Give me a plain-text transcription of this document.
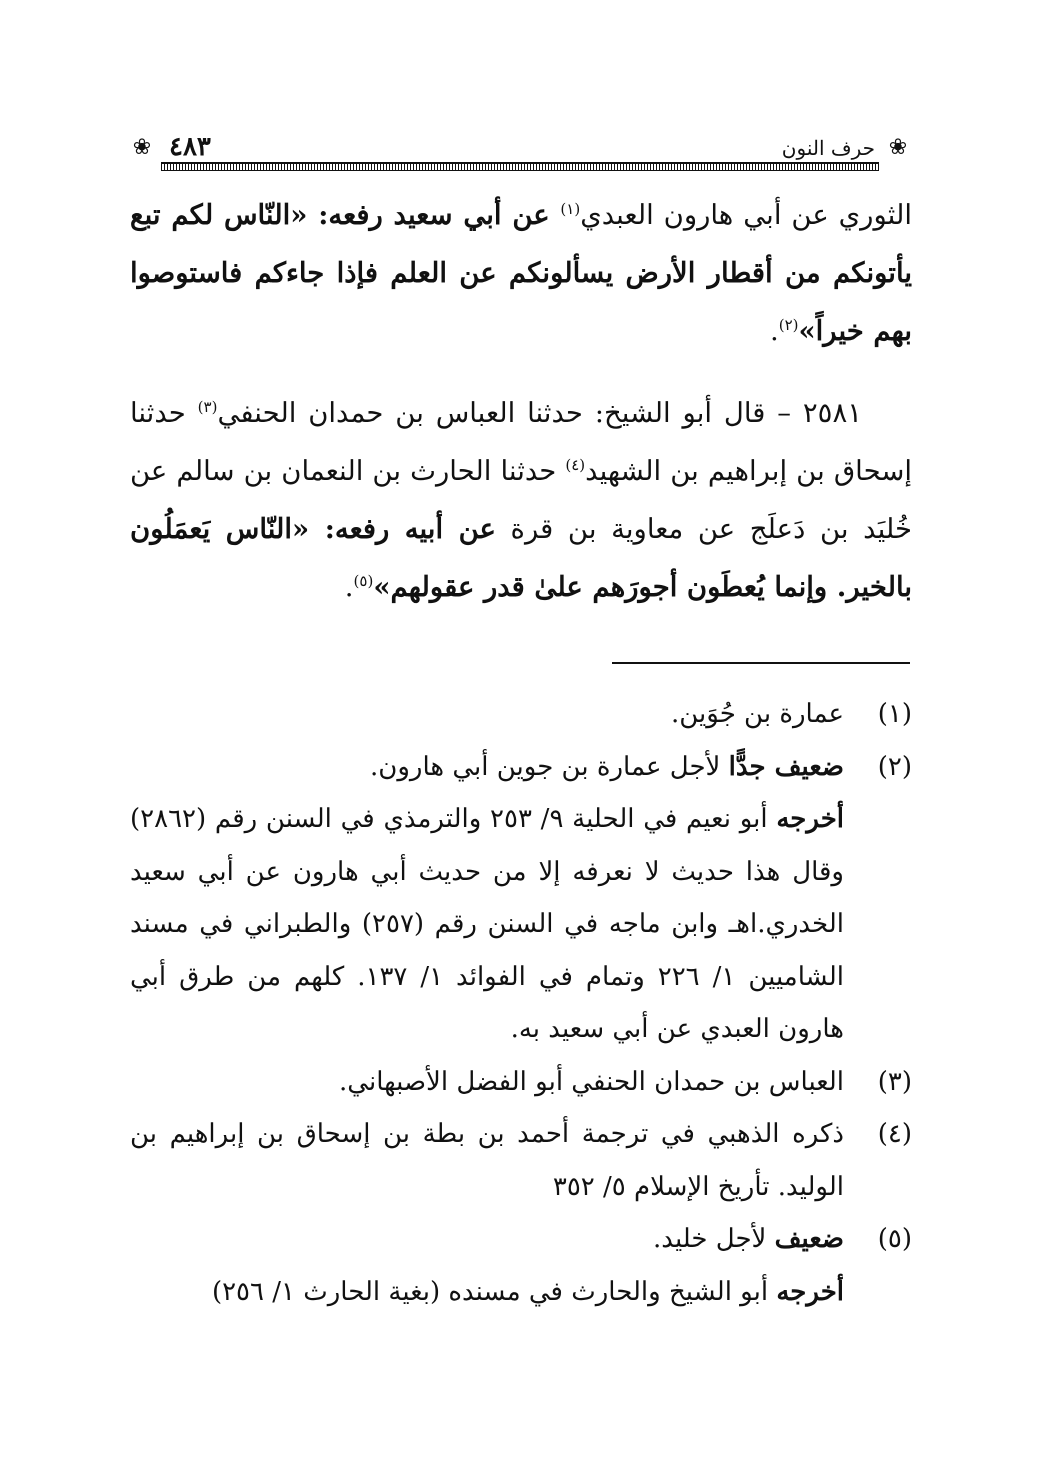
❀
حرف النون
٤٨٣
❀

الثوري عن أبي هارون العبدي$^{(١)}$ عن أبي سعيد رفعه: «النّاس لكم تبع يأتونكم من أقطار الأرض يسألونكم عن العلم فإذا جاءكم فاستوصوا بهم خيراً»$^{(٢)}$.

٢٥٨١ – قال أبو الشيخ: حدثنا العباس بن حمدان الحنفي$^{(٣)}$ حدثنا إسحاق بن إبراهيم بن الشهيد$^{(٤)}$ حدثنا الحارث بن النعمان بن سالم عن خُليَد بن دَعلَج عن معاوية بن قرة عن أبيه رفعه: «النّاس يَعمَلُون بالخير. وإنما يُعطَون أجورَهم علىٰ قدر عقولهم»$^{(٥)}$.

(١)
عمارة بن جُوَين.
(٢)
ضعيف جدًّا لأجل عمارة بن جوين أبي هارون.
أخرجه أبو نعيم في الحلية ٩/ ٢٥٣ والترمذي في السنن رقم (٢٨٦٢) وقال هذا حديث لا نعرفه إلا من حديث أبي هارون عن أبي سعيد الخدري.اهـ وابن ماجه في السنن رقم (٢٥٧) والطبراني في مسند الشاميين ١/ ٢٢٦ وتمام في الفوائد ١/ ١٣٧. كلهم من طرق أبي هارون العبدي عن أبي سعيد به.
(٣)
العباس بن حمدان الحنفي أبو الفضل الأصبهاني.
(٤)
ذكره الذهبي في ترجمة أحمد بن بطة بن إسحاق بن إبراهيم بن الوليد. تأريخ الإسلام ٥/ ٣٥٢
(٥)
ضعيف لأجل خليد.
أخرجه أبو الشيخ والحارث في مسنده (بغية الحارث ١/ ٢٥٦)
